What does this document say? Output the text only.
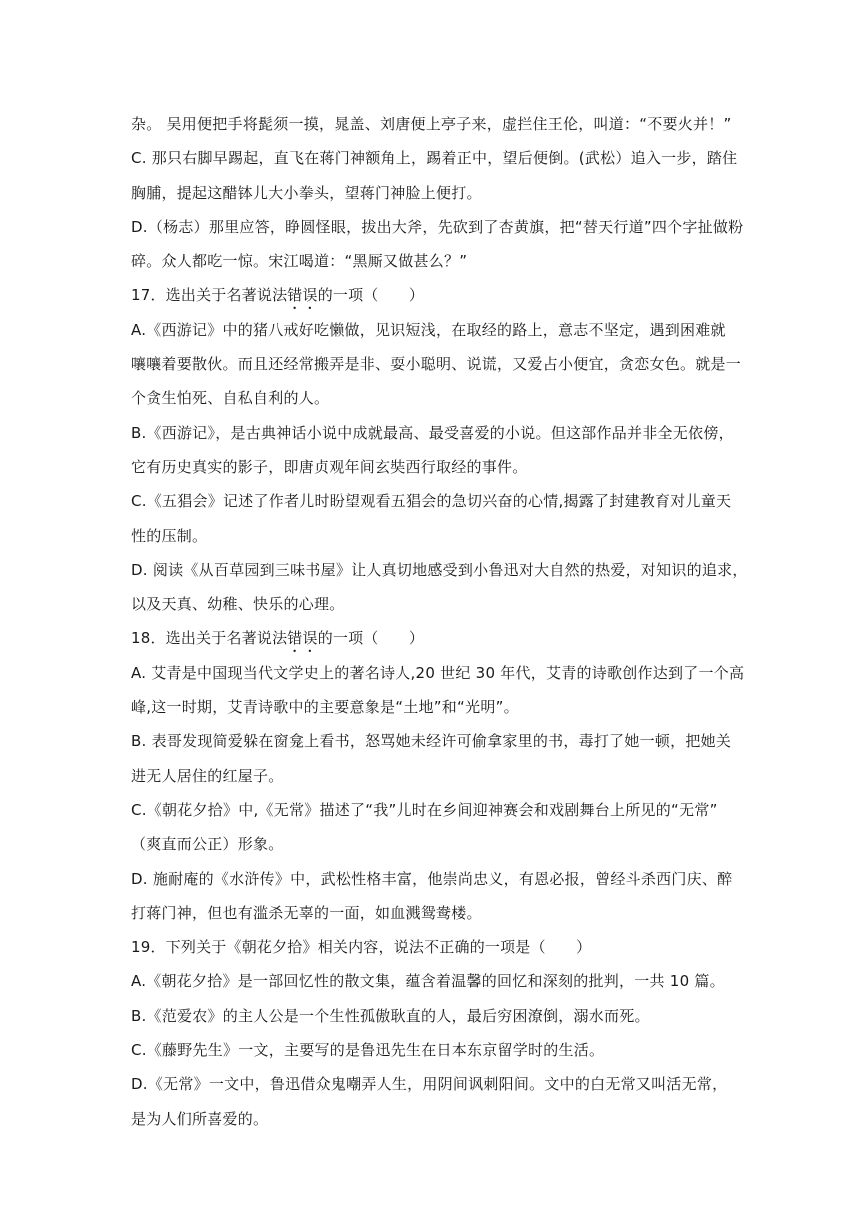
杂。 吴用便把手将髭须一摸，晁盖、刘唐便上亭子来，虚拦住王伦，叫道：“不要火并！”
C. 那只右脚早踢起，直飞在蒋门神额角上，踢着正中，望后便倒。(武松）追入一步，踏住
胸脯，提起这醋钵儿大小拳头，望蒋门神脸上便打。
D.（杨志）那里应答，睁圆怪眼，拔出大斧，先砍到了杏黄旗，把“替天行道”四个字扯做粉
碎。众人都吃一惊。宋江喝道：“黑厮又做甚么？”
17．选出关于名著说法错误的一项（　　）
A.《西游记》中的猪八戒好吃懒做，见识短浅，在取经的路上，意志不坚定，遇到困难就
嚷嚷着要散伙。而且还经常搬弄是非、耍小聪明、说谎，又爱占小便宜，贪恋女色。就是一
个贪生怕死、自私自利的人。
B.《西游记》，是古典神话小说中成就最高、最受喜爱的小说。但这部作品并非全无依傍，
它有历史真实的影子，即唐贞观年间玄奘西行取经的事件。
C.《五猖会》记述了作者儿时盼望观看五猖会的急切兴奋的心情,揭露了封建教育对儿童天
性的压制。
D. 阅读《从百草园到三味书屋》让人真切地感受到小鲁迅对大自然的热爱，对知识的追求，
以及天真、幼稚、快乐的心理。
18．选出关于名著说法错误的一项（　　）
A. 艾青是中国现当代文学史上的著名诗人,20 世纪 30 年代，艾青的诗歌创作达到了一个高
峰,这一时期，艾青诗歌中的主要意象是“土地”和“光明”。
B. 表哥发现简爱躲在窗龛上看书，怒骂她未经许可偷拿家里的书，毒打了她一顿，把她关
进无人居住的红屋子。
C.《朝花夕拾》中,《无常》描述了“我”儿时在乡间迎神赛会和戏剧舞台上所见的“无常”
（爽直而公正）形象。
D. 施耐庵的《水浒传》中，武松性格丰富，他崇尚忠义，有恩必报，曾经斗杀西门庆、醉
打蒋门神，但也有滥杀无辜的一面，如血溅鸳鸯楼。
19．下列关于《朝花夕拾》相关内容，说法不正确的一项是（　　）
A.《朝花夕拾》是一部回忆性的散文集，蕴含着温馨的回忆和深刻的批判，一共 10 篇。
B.《范爱农》的主人公是一个生性孤傲耿直的人，最后穷困潦倒，溺水而死。
C.《藤野先生》一文，主要写的是鲁迅先生在日本东京留学时的生活。
D.《无常》一文中，鲁迅借众鬼嘲弄人生，用阴间讽刺阳间。文中的白无常又叫活无常，
是为人们所喜爱的。
